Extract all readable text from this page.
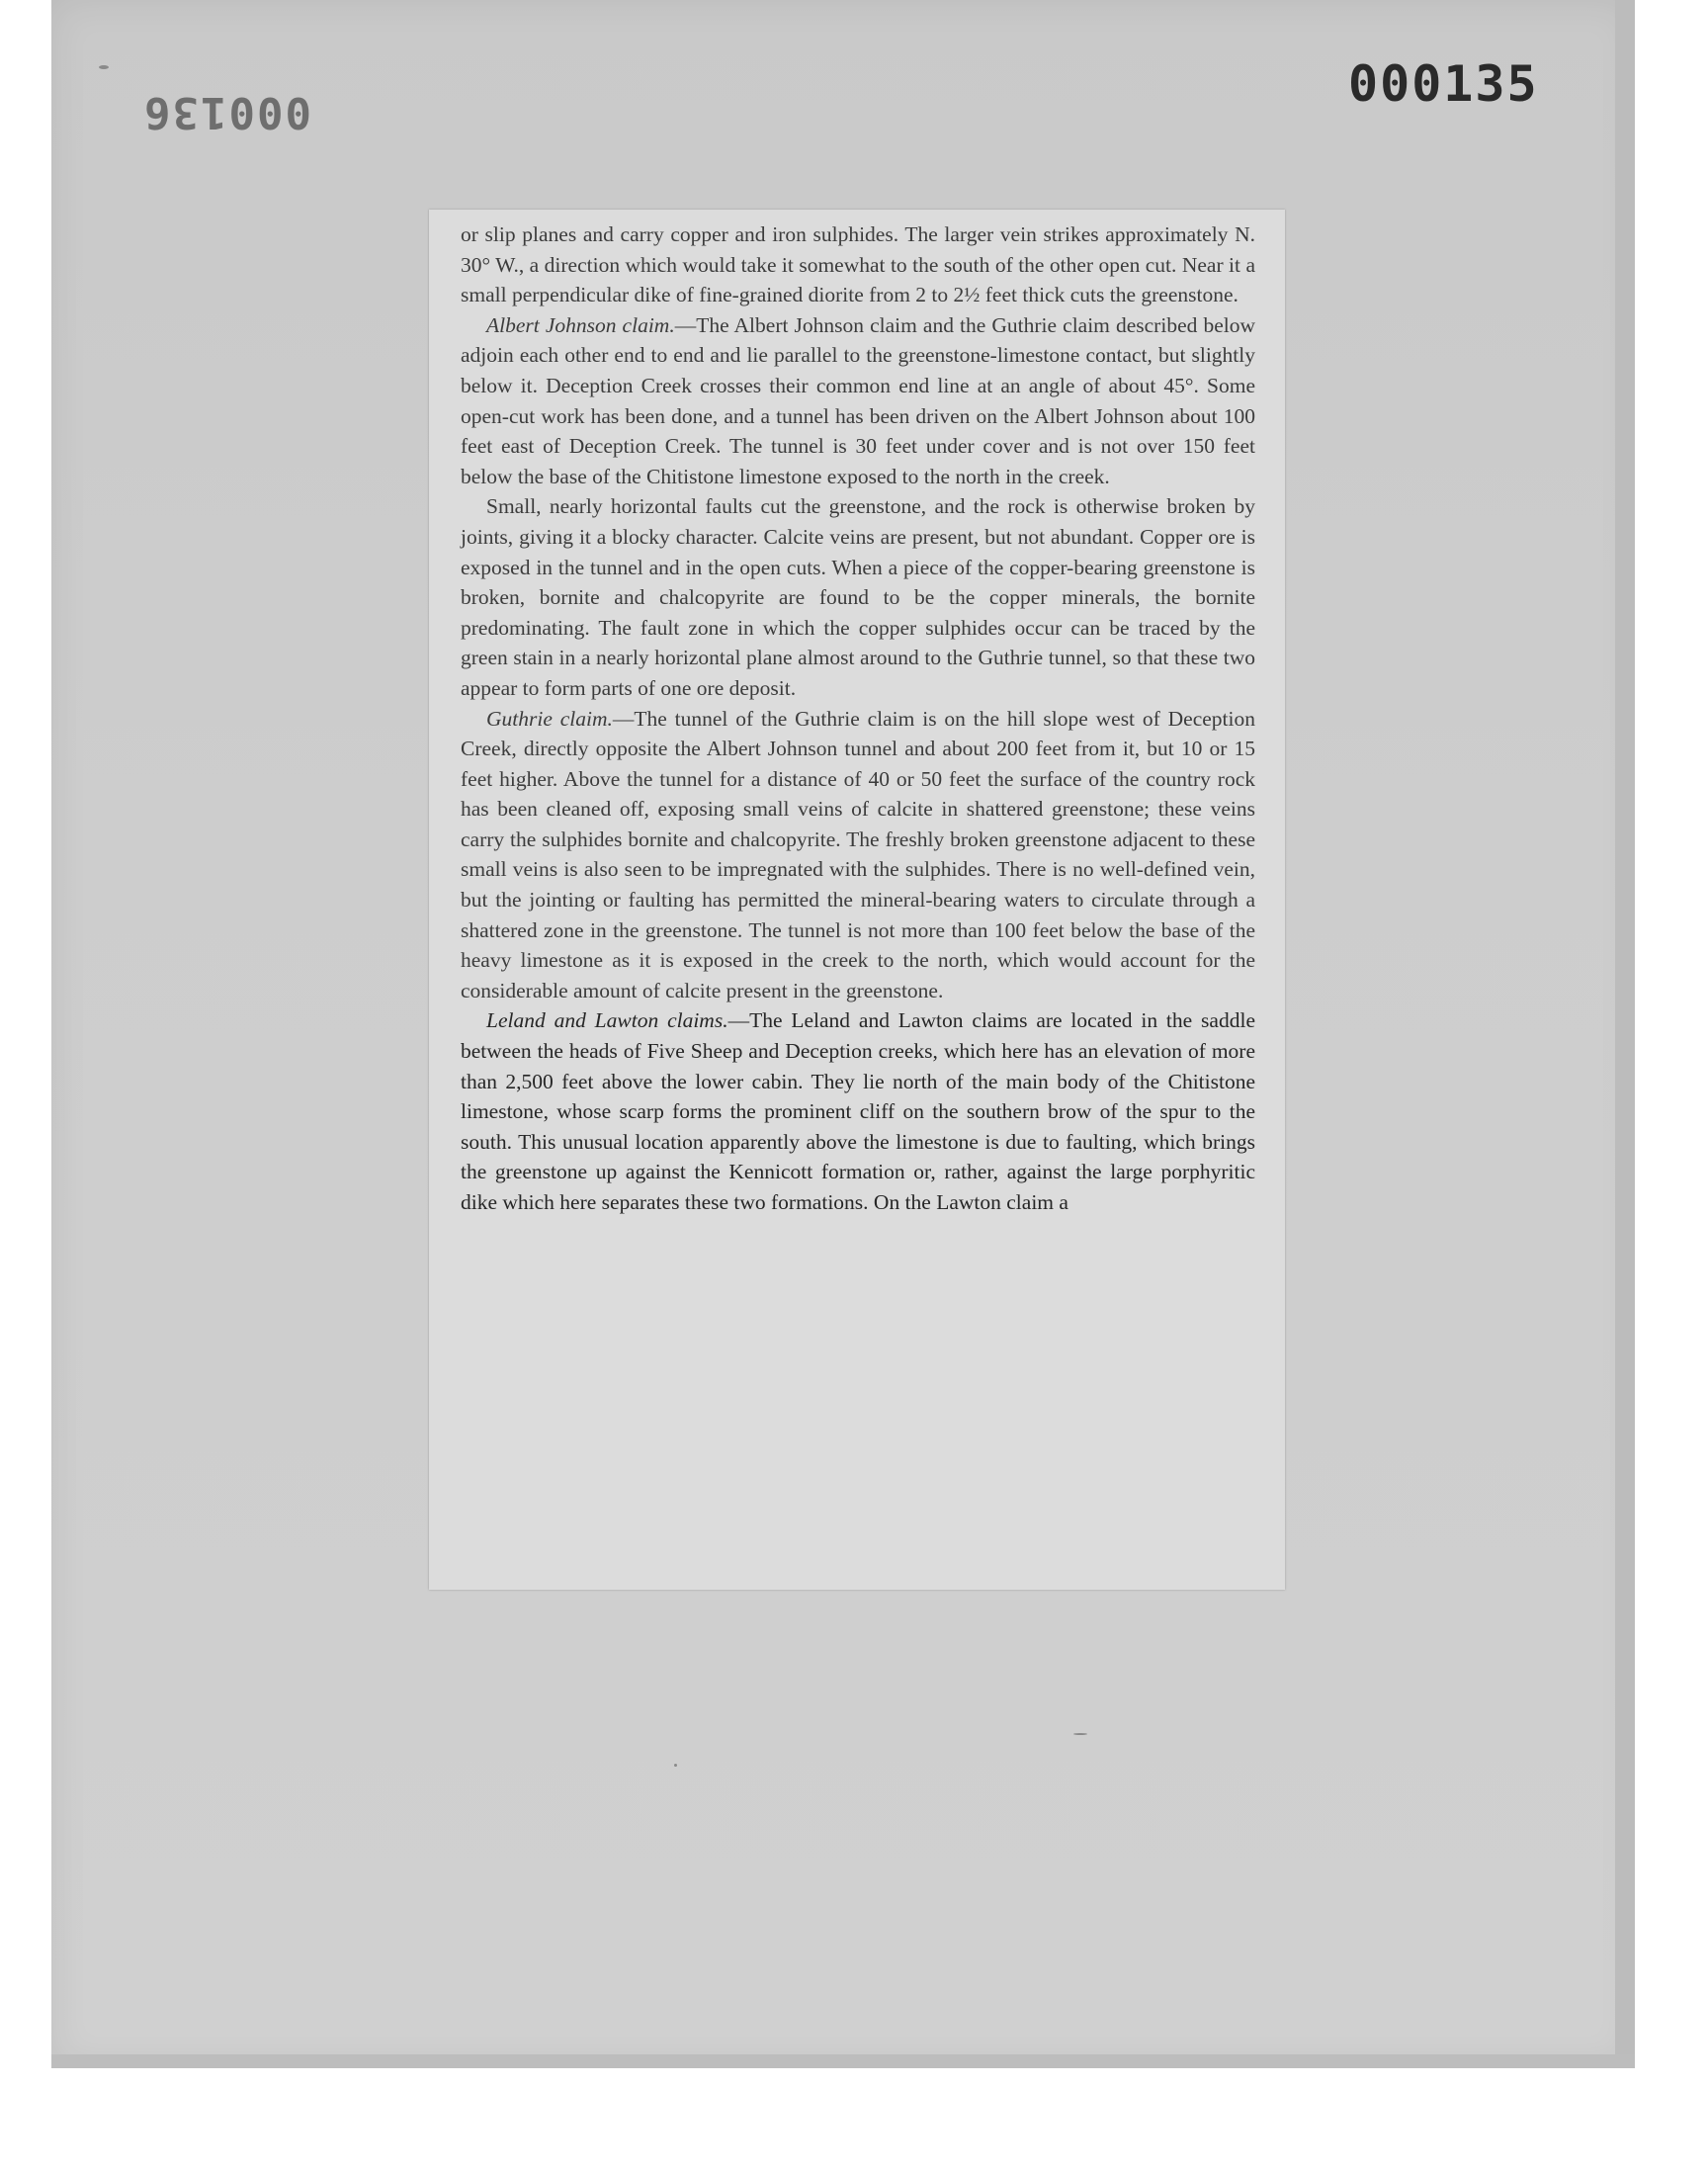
000135
000136

or slip planes and carry copper and iron sulphides. The larger vein strikes approximately N. 30° W., a direction which would take it somewhat to the south of the other open cut. Near it a small perpendicular dike of fine-grained diorite from 2 to 2½ feet thick cuts the greenstone.

Albert Johnson claim.—The Albert Johnson claim and the Guthrie claim described below adjoin each other end to end and lie parallel to the greenstone-limestone contact, but slightly below it. Deception Creek crosses their common end line at an angle of about 45°. Some open-cut work has been done, and a tunnel has been driven on the Albert Johnson about 100 feet east of Deception Creek. The tunnel is 30 feet under cover and is not over 150 feet below the base of the Chitistone limestone exposed to the north in the creek.

Small, nearly horizontal faults cut the greenstone, and the rock is otherwise broken by joints, giving it a blocky character. Calcite veins are present, but not abundant. Copper ore is exposed in the tunnel and in the open cuts. When a piece of the copper-bearing greenstone is broken, bornite and chalcopyrite are found to be the copper minerals, the bornite predominating. The fault zone in which the copper sulphides occur can be traced by the green stain in a nearly horizontal plane almost around to the Guthrie tunnel, so that these two appear to form parts of one ore deposit.

Guthrie claim.—The tunnel of the Guthrie claim is on the hill slope west of Deception Creek, directly opposite the Albert Johnson tunnel and about 200 feet from it, but 10 or 15 feet higher. Above the tunnel for a distance of 40 or 50 feet the surface of the country rock has been cleaned off, exposing small veins of calcite in shattered greenstone; these veins carry the sulphides bornite and chalcopyrite. The freshly broken greenstone adjacent to these small veins is also seen to be impregnated with the sulphides. There is no well-defined vein, but the jointing or faulting has permitted the mineral-bearing waters to circulate through a shattered zone in the greenstone. The tunnel is not more than 100 feet below the base of the heavy limestone as it is exposed in the creek to the north, which would account for the considerable amount of calcite present in the greenstone.

Leland and Lawton claims.—The Leland and Lawton claims are located in the saddle between the heads of Five Sheep and Deception creeks, which here has an elevation of more than 2,500 feet above the lower cabin. They lie north of the main body of the Chitistone limestone, whose scarp forms the prominent cliff on the southern brow of the spur to the south. This unusual location apparently above the limestone is due to faulting, which brings the greenstone up against the Kennicott formation or, rather, against the large porphyritic dike which here separates these two formations. On the Lawton claim a
